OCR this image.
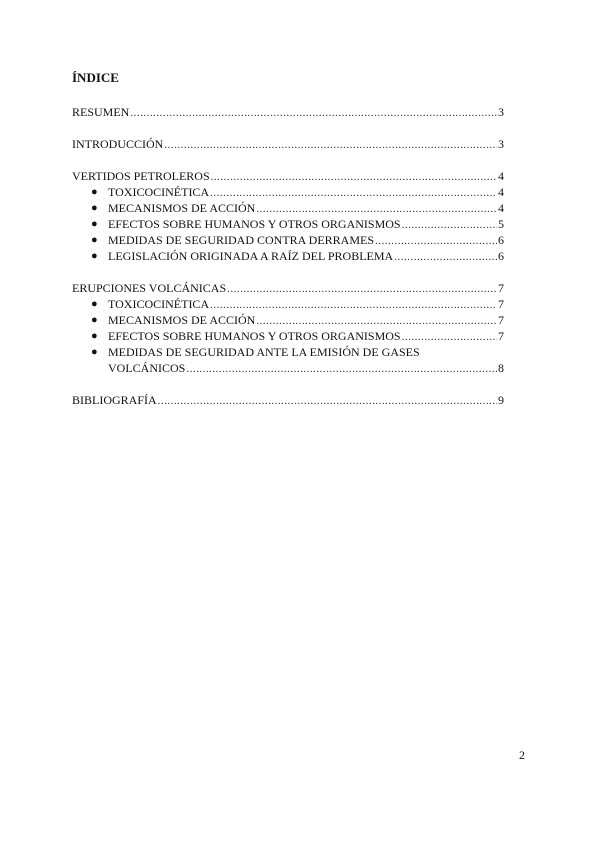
ÍNDICE
RESUMEN .....	3
INTRODUCCIÓN .....	3
VERTIDOS PETROLEROS .....	4
● TOXICOCINÉTICA .....	4
● MECANISMOS DE ACCIÓN .....	4
● EFECTOS SOBRE HUMANOS Y OTROS ORGANISMOS .....	5
● MEDIDAS DE SEGURIDAD CONTRA DERRAMES .....	6
● LEGISLACIÓN ORIGINADA A RAÍZ DEL PROBLEMA .....	6
ERUPCIONES VOLCÁNICAS .....	7
● TOXICOCINÉTICA .....	7
● MECANISMOS DE ACCIÓN .....	7
● EFECTOS SOBRE HUMANOS Y OTROS ORGANISMOS .....	7
● MEDIDAS DE SEGURIDAD ANTE LA EMISIÓN DE GASES
VOLCÁNICOS .....	8
BIBLIOGRAFÍA .....	9
2
